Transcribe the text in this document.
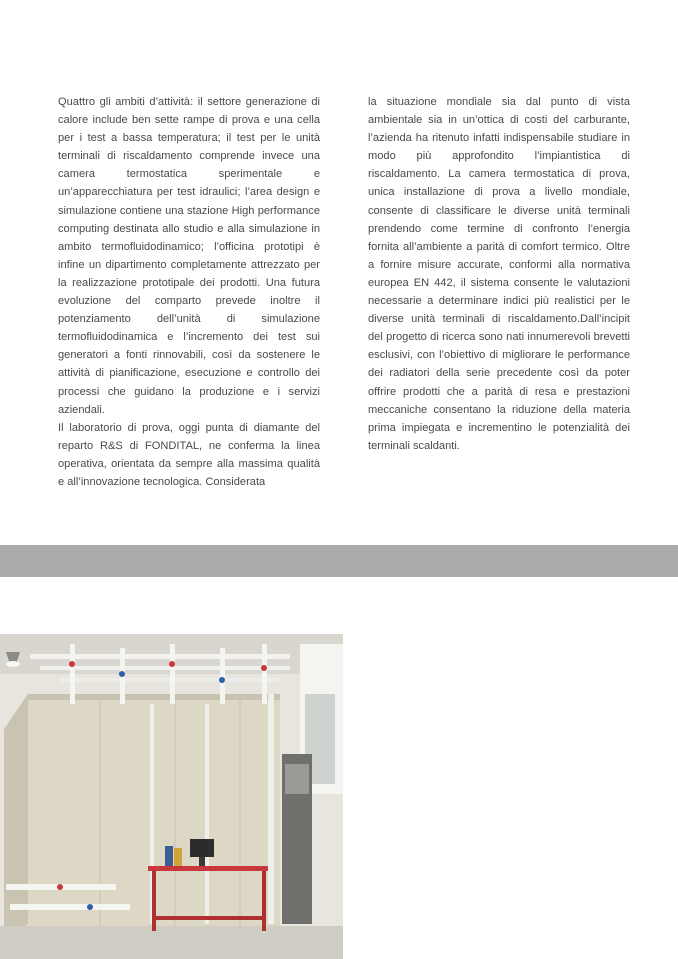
Quattro gli ambiti d’attività: il settore generazione di calore include ben sette rampe di prova e una cella per i test a bassa temperatura; il test per le unità terminali di riscaldamento comprende invece una camera termostatica sperimentale e un’apparecchiatura per test idraulici; l’area design e simulazione contiene una stazione High performance computing destinata allo studio e alla simulazione in ambito termofluidodinamico; l’officina prototipi è infine un dipartimento completamente attrezzato per la realizzazione prototipale dei prodotti. Una futura evoluzione del comparto prevede inoltre il potenziamento dell’unità di simulazione termofluidodinamica e l’incremento dei test sui generatori a fonti rinnovabili, così da sostenere le attività di pianificazione, esecuzione e controllo dei processi che guidano la produzione e i servizi aziendali.

Il laboratorio di prova, oggi punta di diamante del reparto R&S di FONDITAL, ne conferma la linea operativa, orientata da sempre alla massima qualità e all’innovazione tecnologica. Considerata

la situazione mondiale sia dal punto di vista ambientale sia in un’ottica di costi del carburante, l’azienda ha ritenuto infatti indispensabile studiare in modo più approfondito l’impiantistica di riscaldamento. La camera termostatica di prova, unica installazione di prova a livello mondiale, consente di classificare le diverse unità terminali prendendo come termine di confronto l’energia fornita all’ambiente a parità di comfort termico. Oltre a fornire misure accurate, conformi alla normativa europea EN 442, il sistema consente le valutazioni necessarie a determinare indici più realistici per le diverse unità terminali di riscaldamento.Dall’incipit del progetto di ricerca sono nati innumerevoli brevetti esclusivi, con l’obiettivo di migliorare le performance dei radiatori della serie precedente così da poter offrire prodotti che a parità di resa e prestazioni meccaniche consentano la riduzione della materia prima impiegata e incrementino le potenzialità dei terminali scaldanti.
